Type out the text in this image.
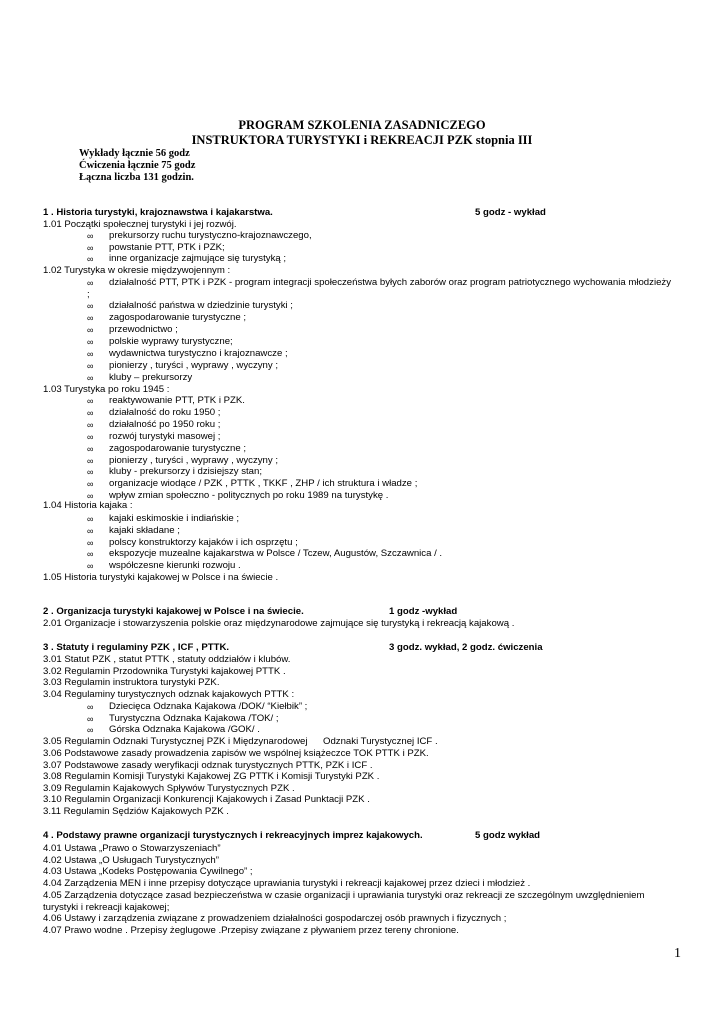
PROGRAM SZKOLENIA ZASADNICZEGO
INSTRUKTORA TURYSTYKI i REKREACJI PZK stopnia III
Wykłady łącznie 56 godz
Ćwiczenia łącznie 75 godz
Łączna liczba 131 godzin.
1 . Historia turystyki, krajoznawstwa i kajakarstwa.	5 godz - wykład
1.01 Początki społecznej turystyki i jej rozwój.
∞ prekursorzy ruchu turystyczno-krajoznawczego,
∞ powstanie PTT, PTK i PZK;
∞ inne organizacje zajmujące się turystyką ;
1.02 Turystyka w okresie międzywojennym :
∞ działalność PTT, PTK i PZK - program integracji społeczeństwa byłych zaborów oraz program patriotycznego wychowania młodzieży
;
∞ działalność państwa w dziedzinie turystyki ;
∞ zagospodarowanie turystyczne ;
∞ przewodnictwo ;
∞ polskie wyprawy turystyczne;
∞ wydawnictwa turystyczno i krajoznawcze ;
∞ pionierzy , turyści , wyprawy , wyczyny ;
∞ kluby – prekursorzy
1.03 Turystyka po roku 1945 :
∞ reaktywowanie PTT, PTK i PZK.
∞ działalność do roku 1950 ;
∞ działalność po 1950 roku ;
∞ rozwój turystyki masowej ;
∞ zagospodarowanie turystyczne ;
∞ pionierzy , turyści , wyprawy , wyczyny ;
∞ kluby - prekursorzy i dzisiejszy stan;
∞ organizacje wiodące / PZK , PTTK , TKKF , ZHP / ich struktura i władze ;
∞ wpływ zmian społeczno - politycznych po roku 1989 na turystykę .
1.04 Historia kajaka :
∞ kajaki eskimoskie i indiańskie ;
∞ kajaki składane ;
∞ polscy konstruktorzy kajaków i ich osprzętu ;
∞ ekspozycje muzealne kajakarstwa w Polsce / Tczew, Augustów, Szczawnica / .
∞ współczesne kierunki rozwoju .
1.05 Historia turystyki kajakowej w Polsce i na świecie .
2 . Organizacja turystyki kajakowej w Polsce i na świecie.	1 godz -wykład
2.01 Organizacje i stowarzyszenia polskie oraz międzynarodowe zajmujące się turystyką i rekreacją kajakową .
3 . Statuty i regulaminy PZK , ICF , PTTK.	3 godz. wykład, 2 godz. ćwiczenia
3.01 Statut PZK , statut PTTK , statuty oddziałów i klubów.
3.02 Regulamin Przodownika Turystyki kajakowej PTTK .
3.03 Regulamin instruktora turystyki PZK.
3.04 Regulaminy turystycznych odznak kajakowych PTTK :
∞ Dziecięca Odznaka Kajakowa /DOK/ “Kiełbik” ;
∞ Turystyczna Odznaka Kajakowa /TOK/ ;
∞ Górska Odznaka Kajakowa /GOK/ .
3.05 Regulamin Odznaki Turystycznej PZK i Międzynarodowej Odznaki Turystycznej ICF .
3.06 Podstawowe zasady prowadzenia zapisów we wspólnej książeczce TOK PTTK i PZK.
3.07 Podstawowe zasady weryfikacji odznak turystycznych PTTK, PZK i ICF .
3.08 Regulamin Komisji Turystyki Kajakowej ZG PTTK i Komisji Turystyki PZK .
3.09 Regulamin Kajakowych Spływów Turystycznych PZK .
3.10 Regulamin Organizacji Konkurencji Kajakowych i Zasad Punktacji PZK .
3.11 Regulamin Sędziów Kajakowych PZK .
4 . Podstawy prawne organizacji turystycznych i rekreacyjnych imprez kajakowych.	5 godz wykład
4.01 Ustawa „Prawo o Stowarzyszeniach”
4.02 Ustawa „O Usługach Turystycznych”
4.03 Ustawa „Kodeks Postępowania Cywilnego” ;
4.04 Zarządzenia MEN i inne przepisy dotyczące uprawiania turystyki i rekreacji kajakowej przez dzieci i młodzież .
4.05 Zarządzenia dotyczące zasad bezpieczeństwa w czasie organizacji i uprawiania turystyki oraz rekreacji ze szczególnym uwzględnieniem
turystyki i rekreacji kajakowej;
4.06 Ustawy i zarządzenia związane z prowadzeniem działalności gospodarczej osób prawnych i fizycznych ;
4.07 Prawo wodne . Przepisy żeglugowe .Przepisy związane z pływaniem przez tereny chronione.
1
